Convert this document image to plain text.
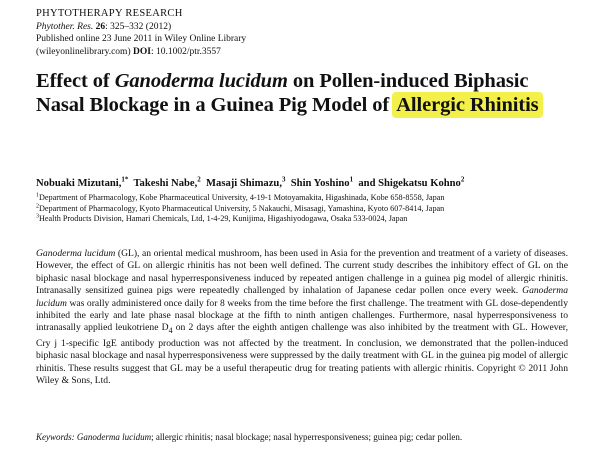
PHYTOTHERAPY RESEARCH
Phytother. Res. 26: 325–332 (2012)
Published online 23 June 2011 in Wiley Online Library
(wileyonlinelibrary.com) DOI: 10.1002/ptr.3557
Effect of Ganoderma lucidum on Pollen-induced Biphasic Nasal Blockage in a Guinea Pig Model of Allergic Rhinitis
Nobuaki Mizutani,$^{1*}$ Takeshi Nabe,$^2$ Masaji Shimazu,$^3$ Shin Yoshino$^1$ and Shigekatsu Kohno$^2$
$^1$Department of Pharmacology, Kobe Pharmaceutical University, 4-19-1 Motoyamakita, Higashinada, Kobe 658-8558, Japan
$^2$Department of Pharmacology, Kyoto Pharmaceutical University, 5 Nakauchi, Misasagi, Yamashina, Kyoto 607-8414, Japan
$^3$Health Products Division, Hamari Chemicals, Ltd, 1-4-29, Kunijima, Higashiyodogawa, Osaka 533-0024, Japan
Ganoderma lucidum (GL), an oriental medical mushroom, has been used in Asia for the prevention and treatment of a variety of diseases. However, the effect of GL on allergic rhinitis has not been well defined. The current study describes the inhibitory effect of GL on the biphasic nasal blockage and nasal hyperresponsiveness induced by repeated antigen challenge in a guinea pig model of allergic rhinitis. Intranasally sensitized guinea pigs were repeatedly challenged by inhalation of Japanese cedar pollen once every week. Ganoderma lucidum was orally administered once daily for 8 weeks from the time before the first challenge. The treatment with GL dose-dependently inhibited the early and late phase nasal blockage at the fifth to ninth antigen challenges. Furthermore, nasal hyperresponsiveness to intranasally applied leukotriene $D_4$ on 2 days after the eighth antigen challenge was also inhibited by the treatment with GL. However, Cry j 1-specific IgE antibody production was not affected by the treatment. In conclusion, we demonstrated that the pollen-induced biphasic nasal blockage and nasal hyperresponsiveness were suppressed by the daily treatment with GL in the guinea pig model of allergic rhinitis. These results suggest that GL may be a useful therapeutic drug for treating patients with allergic rhinitis. Copyright © 2011 John Wiley & Sons, Ltd.
Keywords: Ganoderma lucidum; allergic rhinitis; nasal blockage; nasal hyperresponsiveness; guinea pig; cedar pollen.
